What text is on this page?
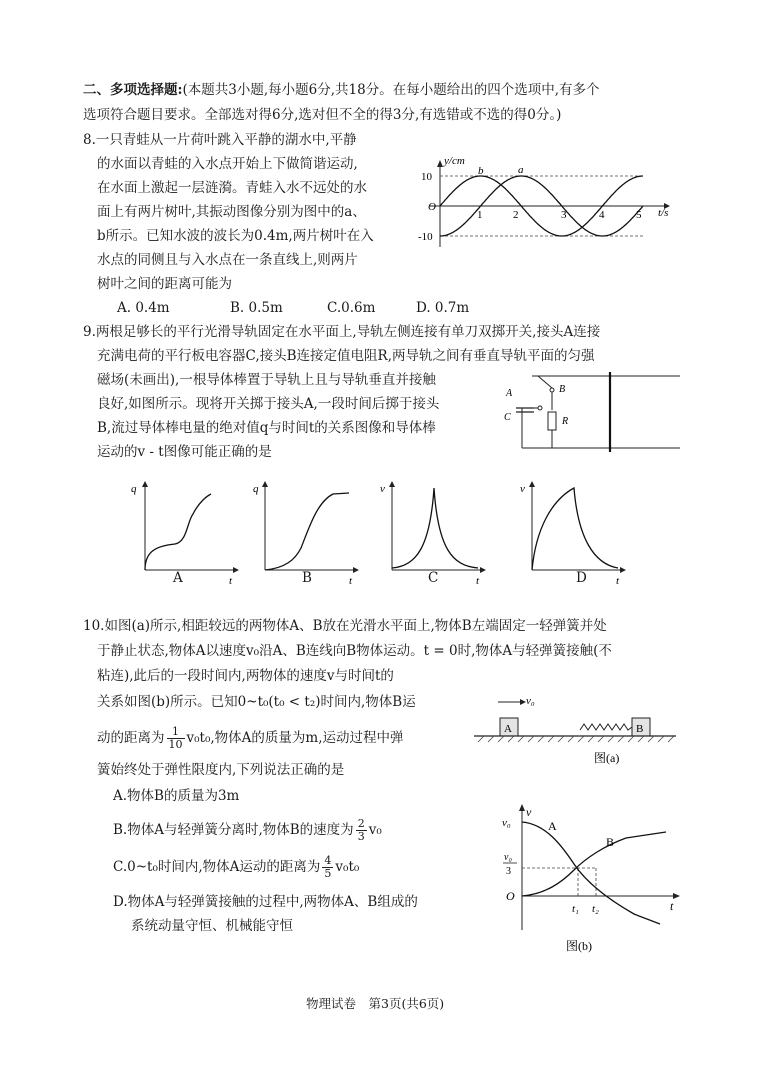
二、多项选择题:(本题共3小题,每小题6分,共18分。在每小题给出的四个选项中,有多个
选项符合题目要求。全部选对得6分,选对但不全的得3分,有选错或不选的得0分。)
8.一只青蛙从一片荷叶跳入平静的湖水中,平静
的水面以青蛙的入水点开始上下做简谐运动,
在水面上激起一层涟漪。青蛙入水不远处的水
面上有两片树叶,其振动图像分别为图中的a、
b所示。已知水波的波长为0.4m,两片树叶在入
水点的同侧且与入水点在一条直线上,则两片
树叶之间的距离可能为
A. 0.4m	B. 0.5m	C.0.6m	D. 0.7m
y/cm
t/s
10
-10
O
1	2	3	4	5
a
b
9.两根足够长的平行光滑导轨固定在水平面上,导轨左侧连接有单刀双掷开关,接头A连接
充满电荷的平行板电容器C,接头B连接定值电阻R,两导轨之间有垂直导轨平面的匀强
磁场(未画出),一根导体棒置于导轨上且与导轨垂直并接触
良好,如图所示。现将开关掷于接头A,一段时间后掷于接头
B,流过导体棒电量的绝对值q与时间t的关系图像和导体棒
运动的v - t图像可能正确的是
A	B
C	R
q
t
A
q
t
B
v
t
C
v
t
D
10.如图(a)所示,相距较远的两物体A、B放在光滑水平面上,物体B左端固定一轻弹簧并处
于静止状态,物体A以速度v₀沿A、B连线向B物体运动。t = 0时,物体A与轻弹簧接触(不
粘连),此后的一段时间内,两物体的速度v与时间t的
关系如图(b)所示。已知0~t₀(t₀ < t₂)时间内,物体B运
动的距离为 $\frac{1}{10} v_0t_0$,物体A的质量为m,运动过程中弹
簧始终处于弹性限度内,下列说法正确的是
A.物体B的质量为3m
B.物体A与轻弹簧分离时,物体B的速度为 $\frac{2}{3} v_0$
C.0~t₀时间内,物体A运动的距离为 $\frac{4}{5} v_0t_0$
D.物体A与轻弹簧接触的过程中,两物体A、B组成的
系统动量守恒、机械能守恒
v₀
A	B
图(a)
v
v₀
v₀
3
O
t₁ t₂	t
A
B
图(b)
物理试卷　第3页(共6页)
